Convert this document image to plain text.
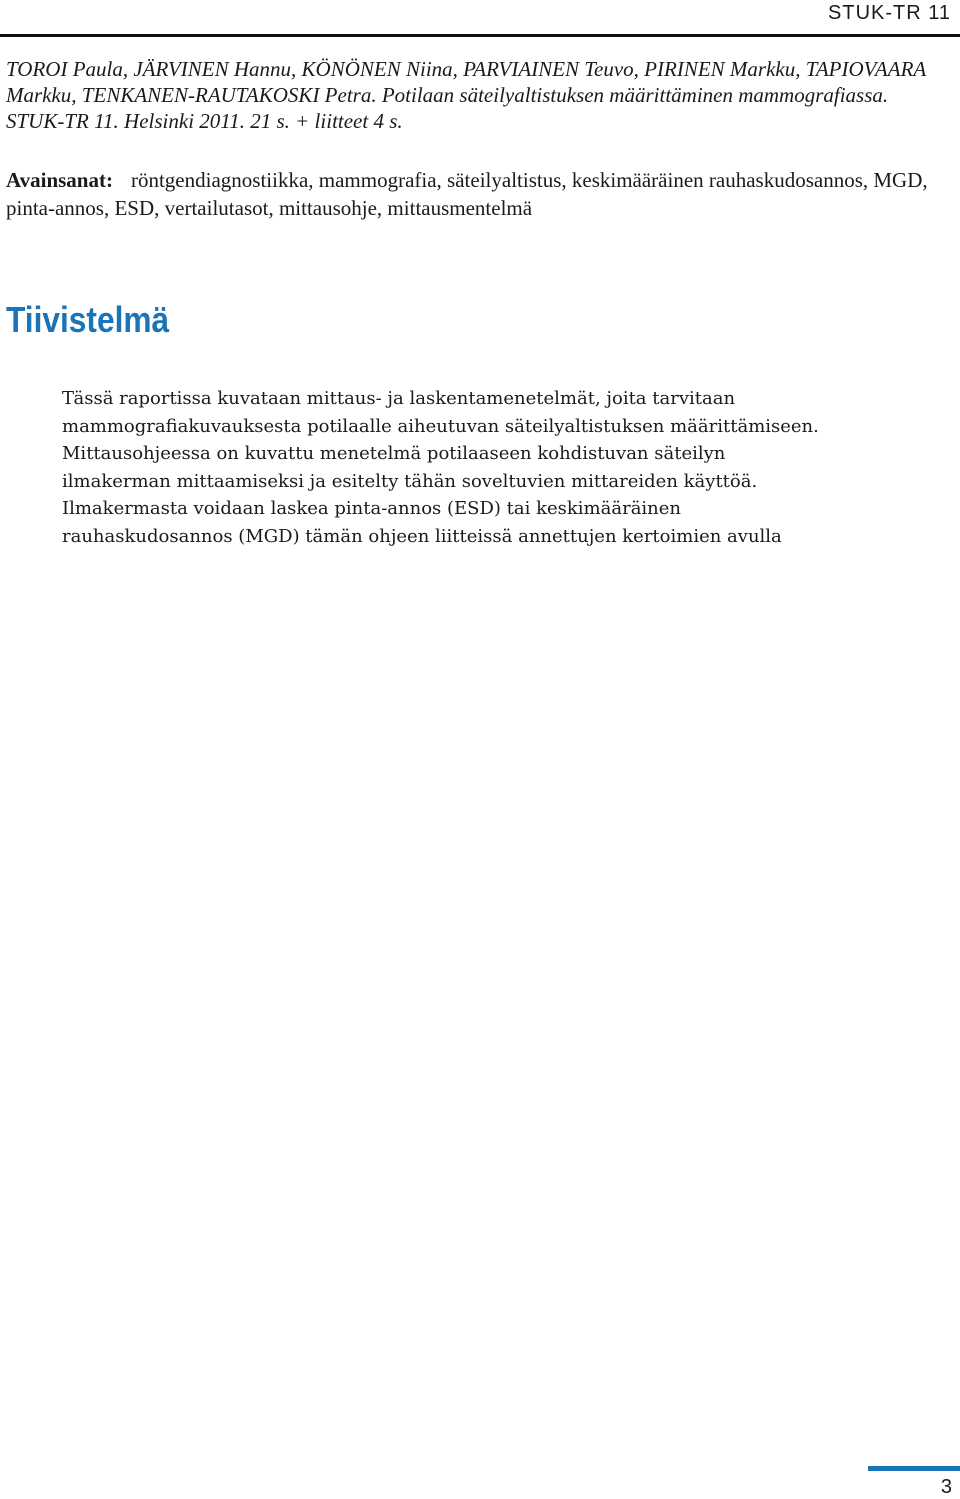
STUK-TR 11

TOROI Paula, JÄRVINEN Hannu, KÖNÖNEN Niina, PARVIAINEN Teuvo, PIRINEN Markku, TAPIOVAARA Markku, TENKANEN-RAUTAKOSKI Petra. Potilaan säteilyaltistuksen määrittäminen mammografiassa. STUK-TR 11. Helsinki 2011. 21 s. + liitteet 4 s.

Avainsanat: röntgendiagnostiikka, mammografia, säteilyaltistus, keskimääräinen rauhaskudosannos, MGD, pinta-annos, ESD, vertailutasot, mittausohje, mittausmentelmä

Tiivistelmä

Tässä raportissa kuvataan mittaus- ja laskentamenetelmät, joita tarvitaan mammografiakuvauksesta potilaalle aiheutuvan säteilyaltistuksen määrittämiseen. Mittausohjeessa on kuvattu menetelmä potilaaseen kohdistuvan säteilyn ilmakerman mittaamiseksi ja esitelty tähän soveltuvien mittareiden käyttöä. Ilmakermasta voidaan laskea pinta-annos (ESD) tai keskimääräinen rauhaskudosannos (MGD) tämän ohjeen liitteissä annettujen kertoimien avulla

3
